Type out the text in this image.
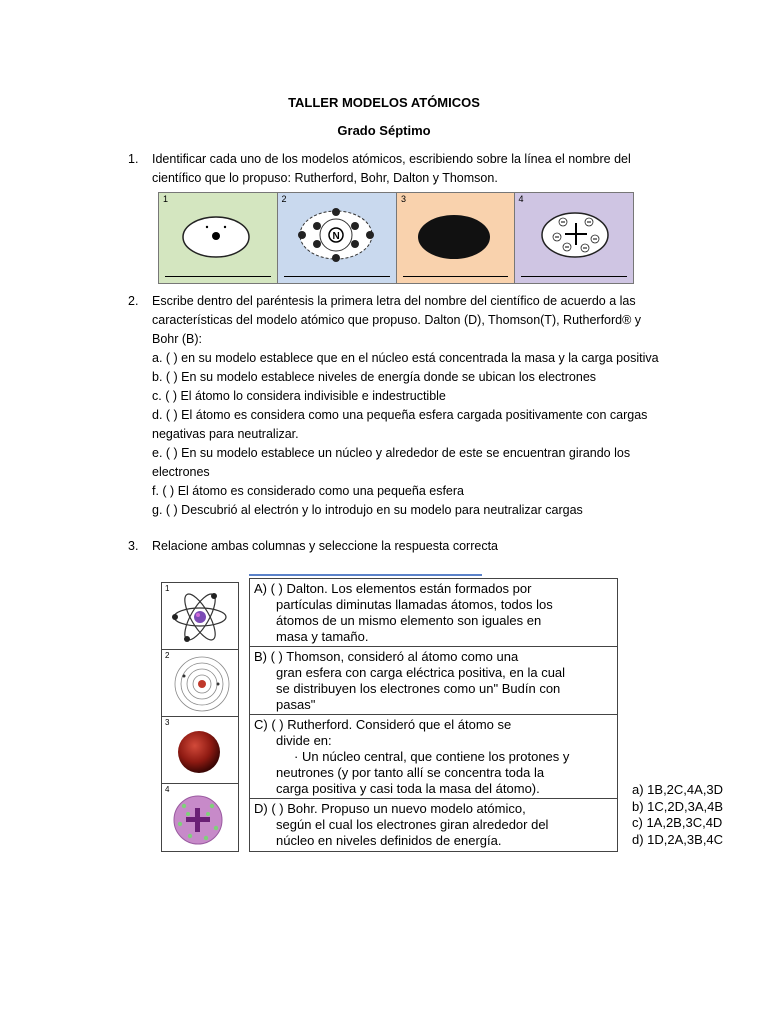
TALLER MODELOS ATÓMICOS
Grado Séptimo
1. Identificar cada uno de los modelos atómicos, escribiendo sobre la línea el nombre del
científico que lo propuso: Rutherford, Bohr, Dalton y Thomson.
1	2
N
3	4
2. Escribe dentro del paréntesis la primera letra del nombre del científico de acuerdo a las
características del modelo atómico que propuso. Dalton (D), Thomson(T), Rutherford® y
Bohr (B):
a. ( ) en su modelo establece que en el núcleo está concentrada la masa y la carga positiva
b. ( ) En su modelo establece niveles de energía donde se ubican los electrones
c. ( ) El átomo lo considera indivisible e indestructible
d. ( ) El átomo es considera como una pequeña esfera cargada positivamente con cargas
negativas para neutralizar.
e. ( ) En su modelo establece un núcleo y alrededor de este se encuentran girando los
electrones
f. ( ) El átomo es considerado como una pequeña esfera
g. ( ) Descubrió al electrón y lo introdujo en su modelo para neutralizar cargas
3. Relacione ambas columnas y seleccione la respuesta correcta
1
2
3
4
A) ( ) Dalton. Los elementos están formados por
partículas diminutas llamadas átomos, todos los
átomos de un mismo elemento son iguales en
masa y tamaño.
B) ( ) Thomson, consideró al átomo como una
gran esfera con carga eléctrica positiva, en la cual
se distribuyen los electrones como un" Budín con
pasas"
C) ( ) Rutherford. Consideró que el átomo se
divide en:
· Un núcleo central, que contiene los protones y
neutrones (y por tanto allí se concentra toda la
carga positiva y casi toda la masa del átomo).
D) ( ) Bohr. Propuso un nuevo modelo atómico,
según el cual los electrones giran alrededor del
núcleo en niveles definidos de energía.
a) 1B,2C,4A,3D
b) 1C,2D,3A,4B
c) 1A,2B,3C,4D
d) 1D,2A,3B,4C
